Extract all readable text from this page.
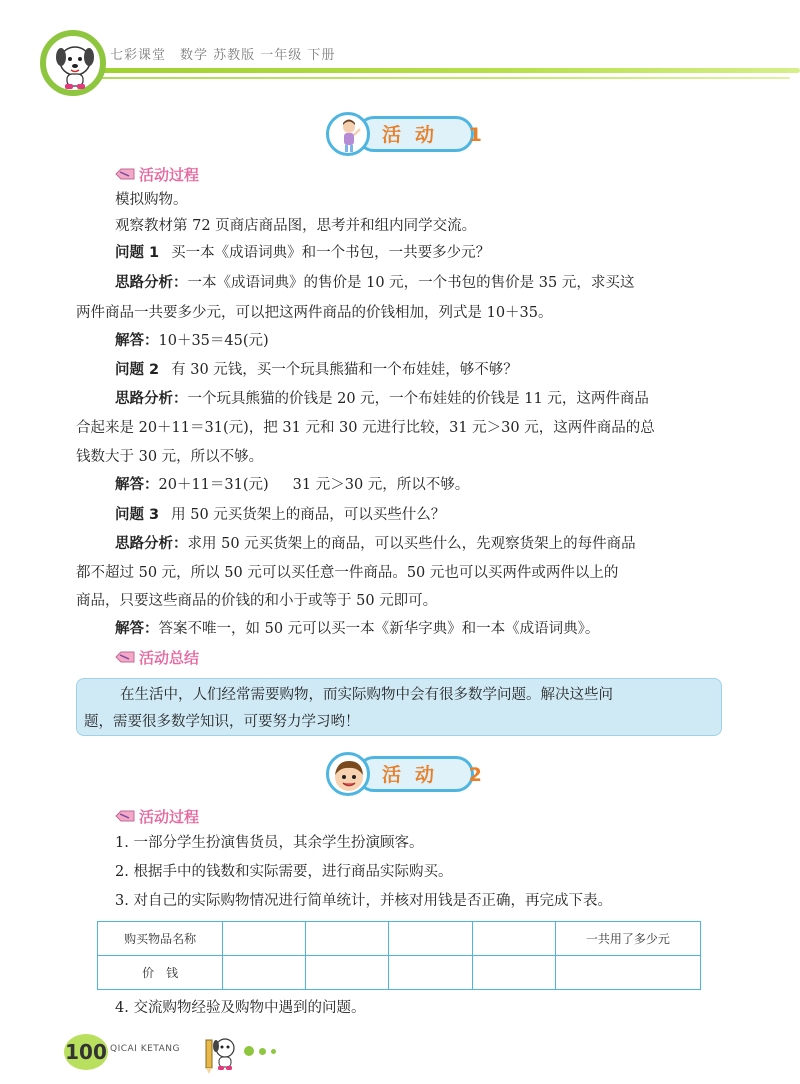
七彩课堂　数学 苏教版 一年级 下册
活动 1
活动过程
模拟购物。
观察教材第 72 页商店商品图，思考并和组内同学交流。
问题 1 买一本《成语词典》和一个书包，一共要多少元？
思路分析：一本《成语词典》的售价是 10 元，一个书包的售价是 35 元，求买这
两件商品一共要多少元，可以把这两件商品的价钱相加，列式是 10＋35。
解答：10＋35＝45(元)
问题 2 有 30 元钱，买一个玩具熊猫和一个布娃娃，够不够？
思路分析：一个玩具熊猫的价钱是 20 元，一个布娃娃的价钱是 11 元，这两件商品
合起来是 20＋11＝31(元)，把 31 元和 30 元进行比较，31 元＞30 元，这两件商品的总
钱数大于 30 元，所以不够。
解答：20＋11＝31(元) 31 元＞30 元，所以不够。
问题 3 用 50 元买货架上的商品，可以买些什么？
思路分析：求用 50 元买货架上的商品，可以买些什么，先观察货架上的每件商品
都不超过 50 元，所以 50 元可以买任意一件商品。50 元也可以买两件或两件以上的
商品，只要这些商品的价钱的和小于或等于 50 元即可。
解答：答案不唯一，如 50 元可以买一本《新华字典》和一本《成语词典》。
活动总结
在生活中，人们经常需要购物，而实际购物中会有很多数学问题。解决这些问
题，需要很多数学知识，可要努力学习哟！
活动 2
活动过程
1. 一部分学生扮演售货员，其余学生扮演顾客。
2. 根据手中的钱数和实际需要，进行商品实际购买。
3. 对自己的实际购物情况进行简单统计，并核对用钱是否正确，再完成下表。
购买物品名称					一共用了多少元
价　钱					
4. 交流购物经验及购物中遇到的问题。
100 QICAI KETANG
